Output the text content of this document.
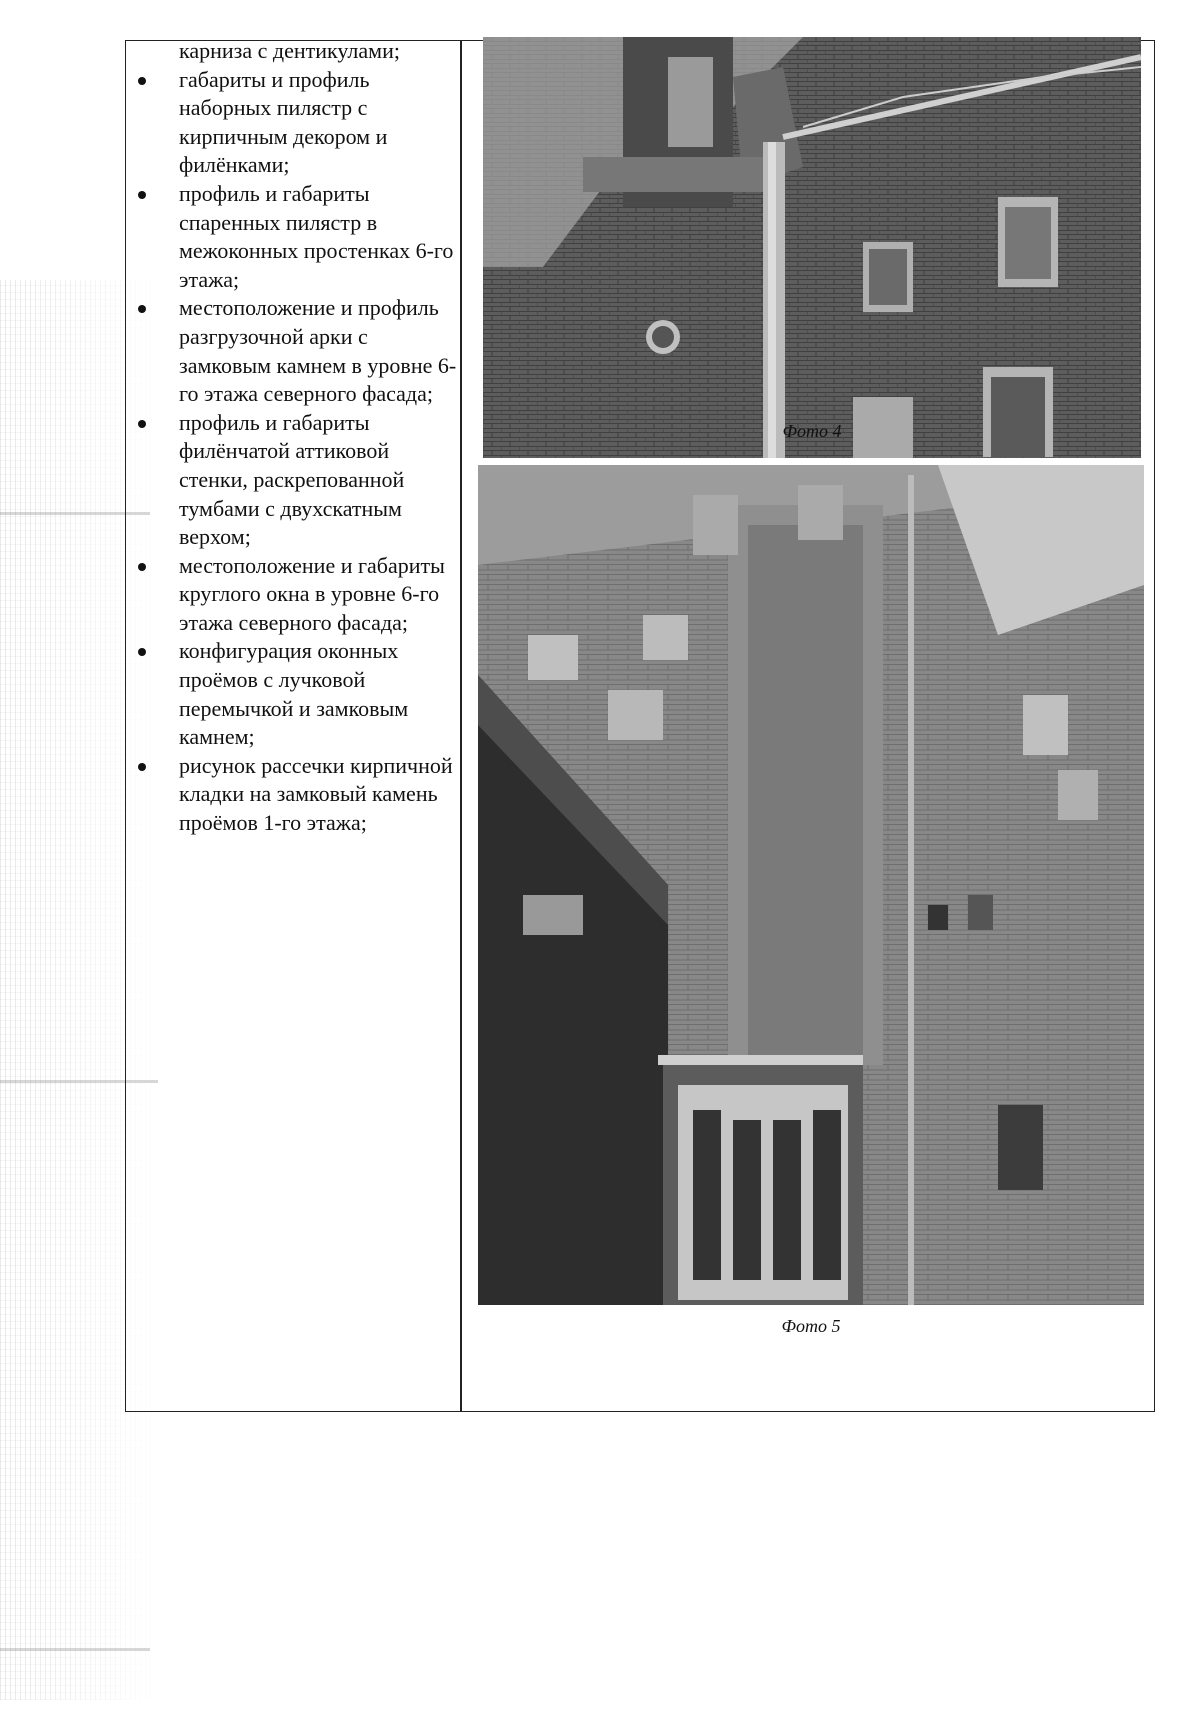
карниза с дентикулами;
габариты и профиль наборных пилястр с кирпичным декором и филёнками;
профиль и габариты спаренных пилястр в межоконных простенках 6-го этажа;
местоположение и профиль разгрузочной арки с замковым камнем в уровне 6-го этажа северного фасада;
профиль и габариты филёнчатой аттиковой стенки, раскрепованной тумбами с двухскатным верхом;
местоположение и габариты круглого окна в уровне 6-го этажа северного фасада;
конфигурация оконных проёмов с лучковой перемычкой и замковым камнем;
рисунок рассечки кирпичной кладки на замковый камень проёмов 1-го этажа;
Фото 4
Фото 5
